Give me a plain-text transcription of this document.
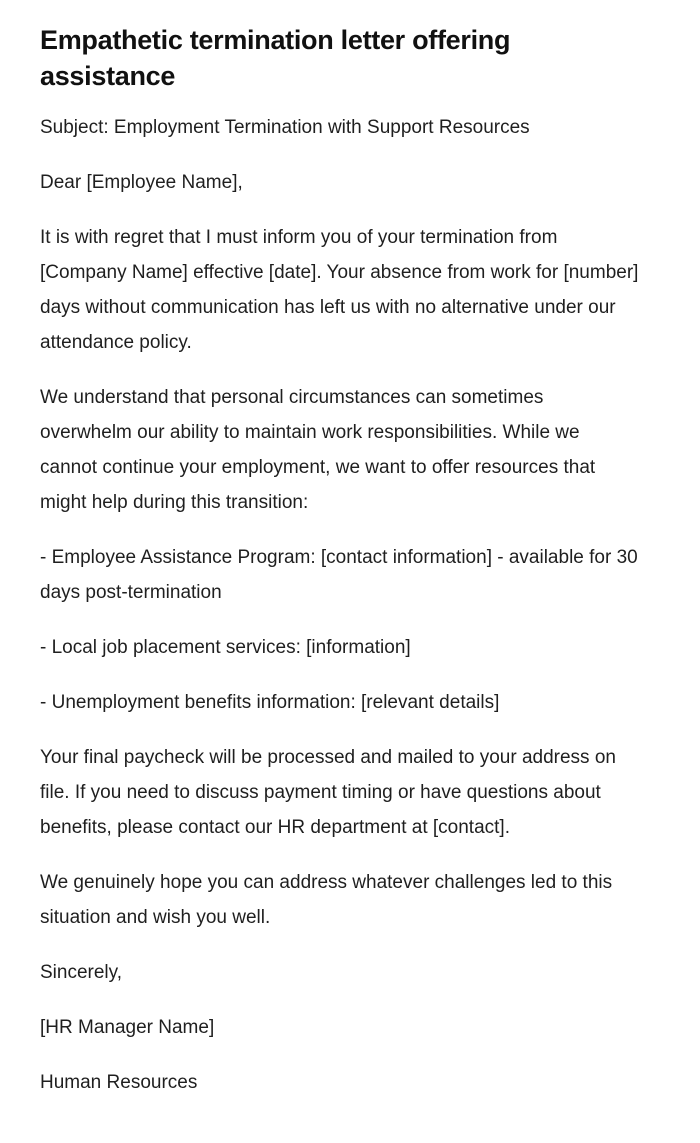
Empathetic termination letter offering assistance

Subject: Employment Termination with Support Resources

Dear [Employee Name],

It is with regret that I must inform you of your termination from [Company Name] effective [date]. Your absence from work for [number] days without communication has left us with no alternative under our attendance policy.

We understand that personal circumstances can sometimes overwhelm our ability to maintain work responsibilities. While we cannot continue your employment, we want to offer resources that might help during this transition:

- Employee Assistance Program: [contact information] - available for 30 days post-termination

- Local job placement services: [information]

- Unemployment benefits information: [relevant details]

Your final paycheck will be processed and mailed to your address on file. If you need to discuss payment timing or have questions about benefits, please contact our HR department at [contact].

We genuinely hope you can address whatever challenges led to this situation and wish you well.

Sincerely,

[HR Manager Name]

Human Resources
